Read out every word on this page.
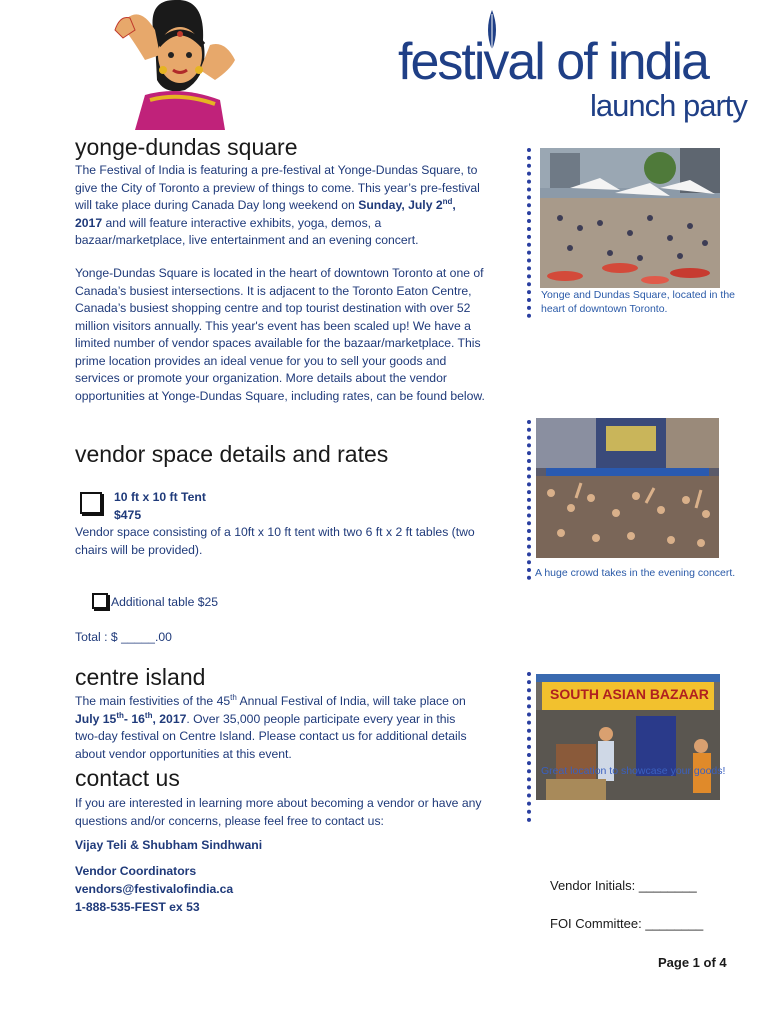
festival of india
launch party
yonge-dundas square

The Festival of India is featuring a pre-festival at Yonge-Dundas Square, to give the City of Toronto a preview of things to come. This year’s pre-festival will take place during Canada Day long weekend on Sunday, July 2nd, 2017 and will feature interactive exhibits, yoga, demos, a bazaar/marketplace, live entertainment and an evening concert.

Yonge-Dundas Square is located in the heart of downtown Toronto at one of Canada’s busiest intersections. It is adjacent to the Toronto Eaton Centre, Canada’s busiest shopping centre and top tourist destination with over 52 million visitors annually. This year's event has been scaled up! We have a limited number of vendor spaces available for the bazaar/marketplace. This prime location provides an ideal venue for you to sell your goods and services or promote your organization. More details about the vendor opportunities at Yonge-Dundas Square, including rates, can be found below.

vendor space details and rates
10 ft x 10 ft Tent
$475

Vendor space consisting of a 10ft x 10 ft tent with two 6 ft x 2 ft tables (two chairs will be provided).

Additional table $25
Total : $ _____.00
centre island

The main festivities of the 45th Annual Festival of India, will take place on July 15th- 16th, 2017. Over 35,000 people participate every year in this two-day festival on Centre Island. Please contact us for additional details about vendor opportunities at this event.

contact us

If you are interested in learning more about becoming a vendor or have any questions and/or concerns, please feel free to contact us:

Vijay Teli & Shubham Sindhwani
Vendor Coordinators
vendors@festivalofindia.ca
1-888-535-FEST ex 53
Yonge and Dundas Square, located in the heart of downtown Toronto.
A huge crowd takes in the evening concert.
SOUTH ASIAN BAZAAR
Great location to showcase your goods!
Vendor Initials: ________
FOI Committee: ________
Page 1 of 4
